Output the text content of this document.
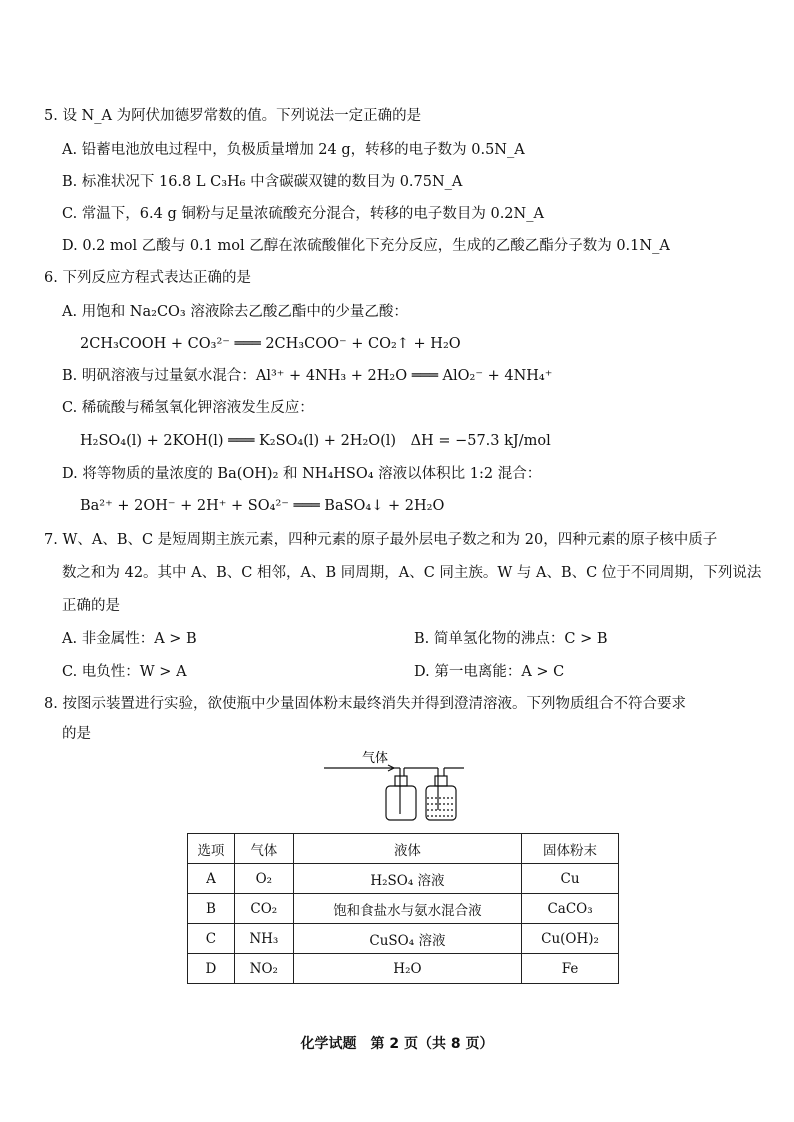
5. 设 N_A 为阿伏加德罗常数的值。下列说法一定正确的是
A. 铅蓄电池放电过程中，负极质量增加 24 g，转移的电子数为 0.5N_A
B. 标准状况下 16.8 L C₃H₆ 中含碳碳双键的数目为 0.75N_A
C. 常温下，6.4 g 铜粉与足量浓硫酸充分混合，转移的电子数目为 0.2N_A
D. 0.2 mol 乙酸与 0.1 mol 乙醇在浓硫酸催化下充分反应，生成的乙酸乙酯分子数为 0.1N_A
6. 下列反应方程式表达正确的是
A. 用饱和 Na₂CO₃ 溶液除去乙酸乙酯中的少量乙酸：
2CH₃COOH + CO₃²⁻ ═══ 2CH₃COO⁻ + CO₂↑ + H₂O
B. 明矾溶液与过量氨水混合：Al³⁺ + 4NH₃ + 2H₂O ═══ AlO₂⁻ + 4NH₄⁺
C. 稀硫酸与稀氢氧化钾溶液发生反应：
H₂SO₄(l) + 2KOH(l) ═══ K₂SO₄(l) + 2H₂O(l)　ΔH = −57.3 kJ/mol
D. 将等物质的量浓度的 Ba(OH)₂ 和 NH₄HSO₄ 溶液以体积比 1:2 混合：
Ba²⁺ + 2OH⁻ + 2H⁺ + SO₄²⁻ ═══ BaSO₄↓ + 2H₂O
7. W、A、B、C 是短周期主族元素，四种元素的原子最外层电子数之和为 20，四种元素的原子核中质子
数之和为 42。其中 A、B、C 相邻，A、B 同周期，A、C 同主族。W 与 A、B、C 位于不同周期，下列说法
正确的是
A. 非金属性：A > B	B. 简单氢化物的沸点：C > B
C. 电负性：W > A	D. 第一电离能：A > C
8. 按图示装置进行实验，欲使瓶中少量固体粉末最终消失并得到澄清溶液。下列物质组合不符合要求
的是
气体
选项	气体	液体	固体粉末
A	O₂	H₂SO₄ 溶液	Cu
B	CO₂	饱和食盐水与氨水混合液	CaCO₃
C	NH₃	CuSO₄ 溶液	Cu(OH)₂
D	NO₂	H₂O	Fe
化学试题　第 2 页（共 8 页）
